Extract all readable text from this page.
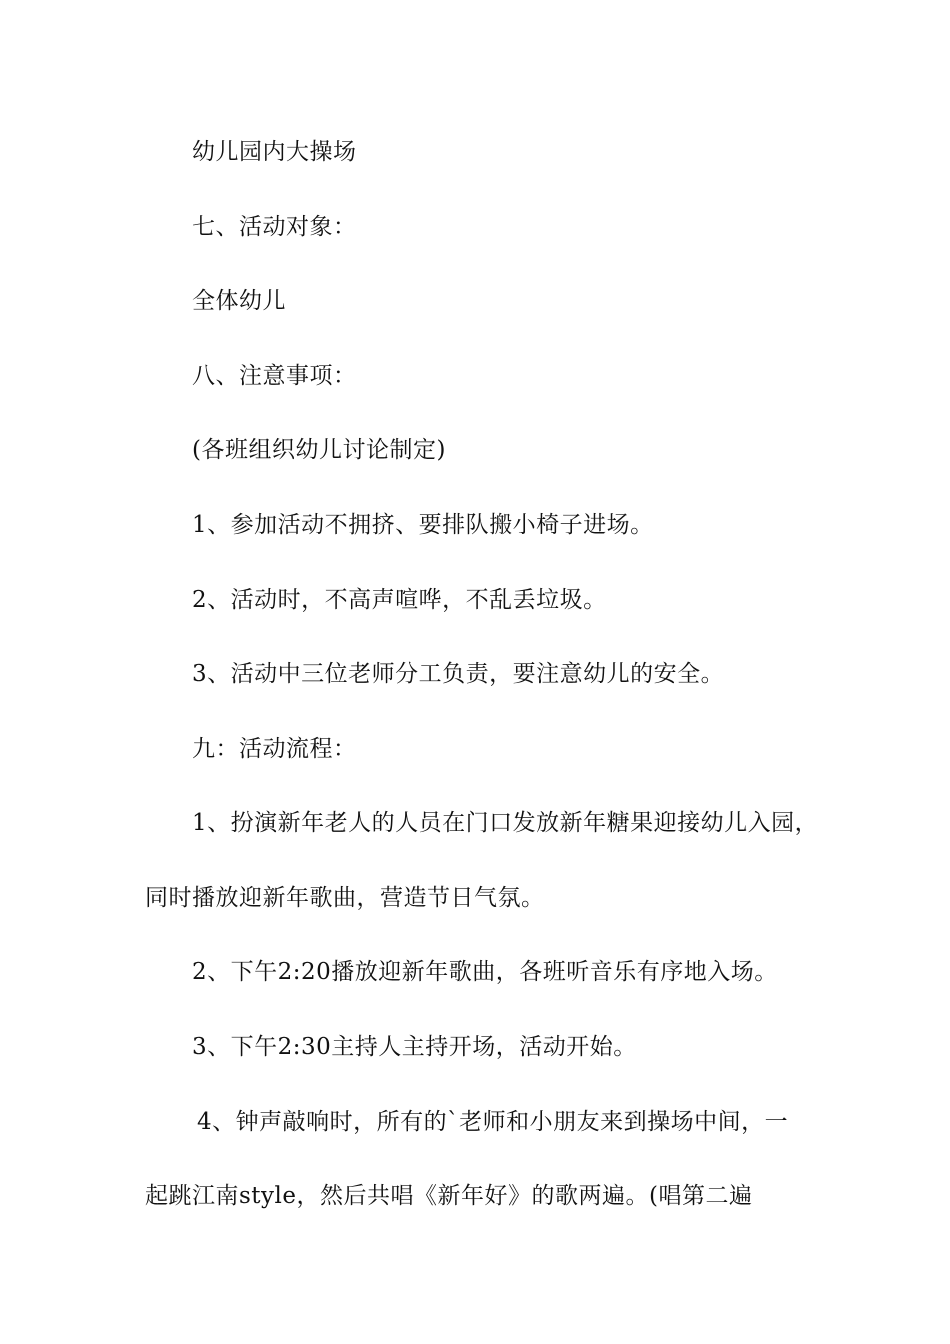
幼儿园内大操场
七、活动对象：
全体幼儿
八、注意事项：
(各班组织幼儿讨论制定)
1、参加活动不拥挤、要排队搬小椅子进场。
2、活动时，不高声喧哗，不乱丢垃圾。
3、活动中三位老师分工负责，要注意幼儿的安全。
九：活动流程：
1、扮演新年老人的人员在门口发放新年糖果迎接幼儿入园，
同时播放迎新年歌曲，营造节日气氛。
2、下午2:20播放迎新年歌曲，各班听音乐有序地入场。
3、下午2:30主持人主持开场，活动开始。
4、钟声敲响时，所有的`老师和小朋友来到操场中间，一
起跳江南style，然后共唱《新年好》的歌两遍。(唱第二遍
